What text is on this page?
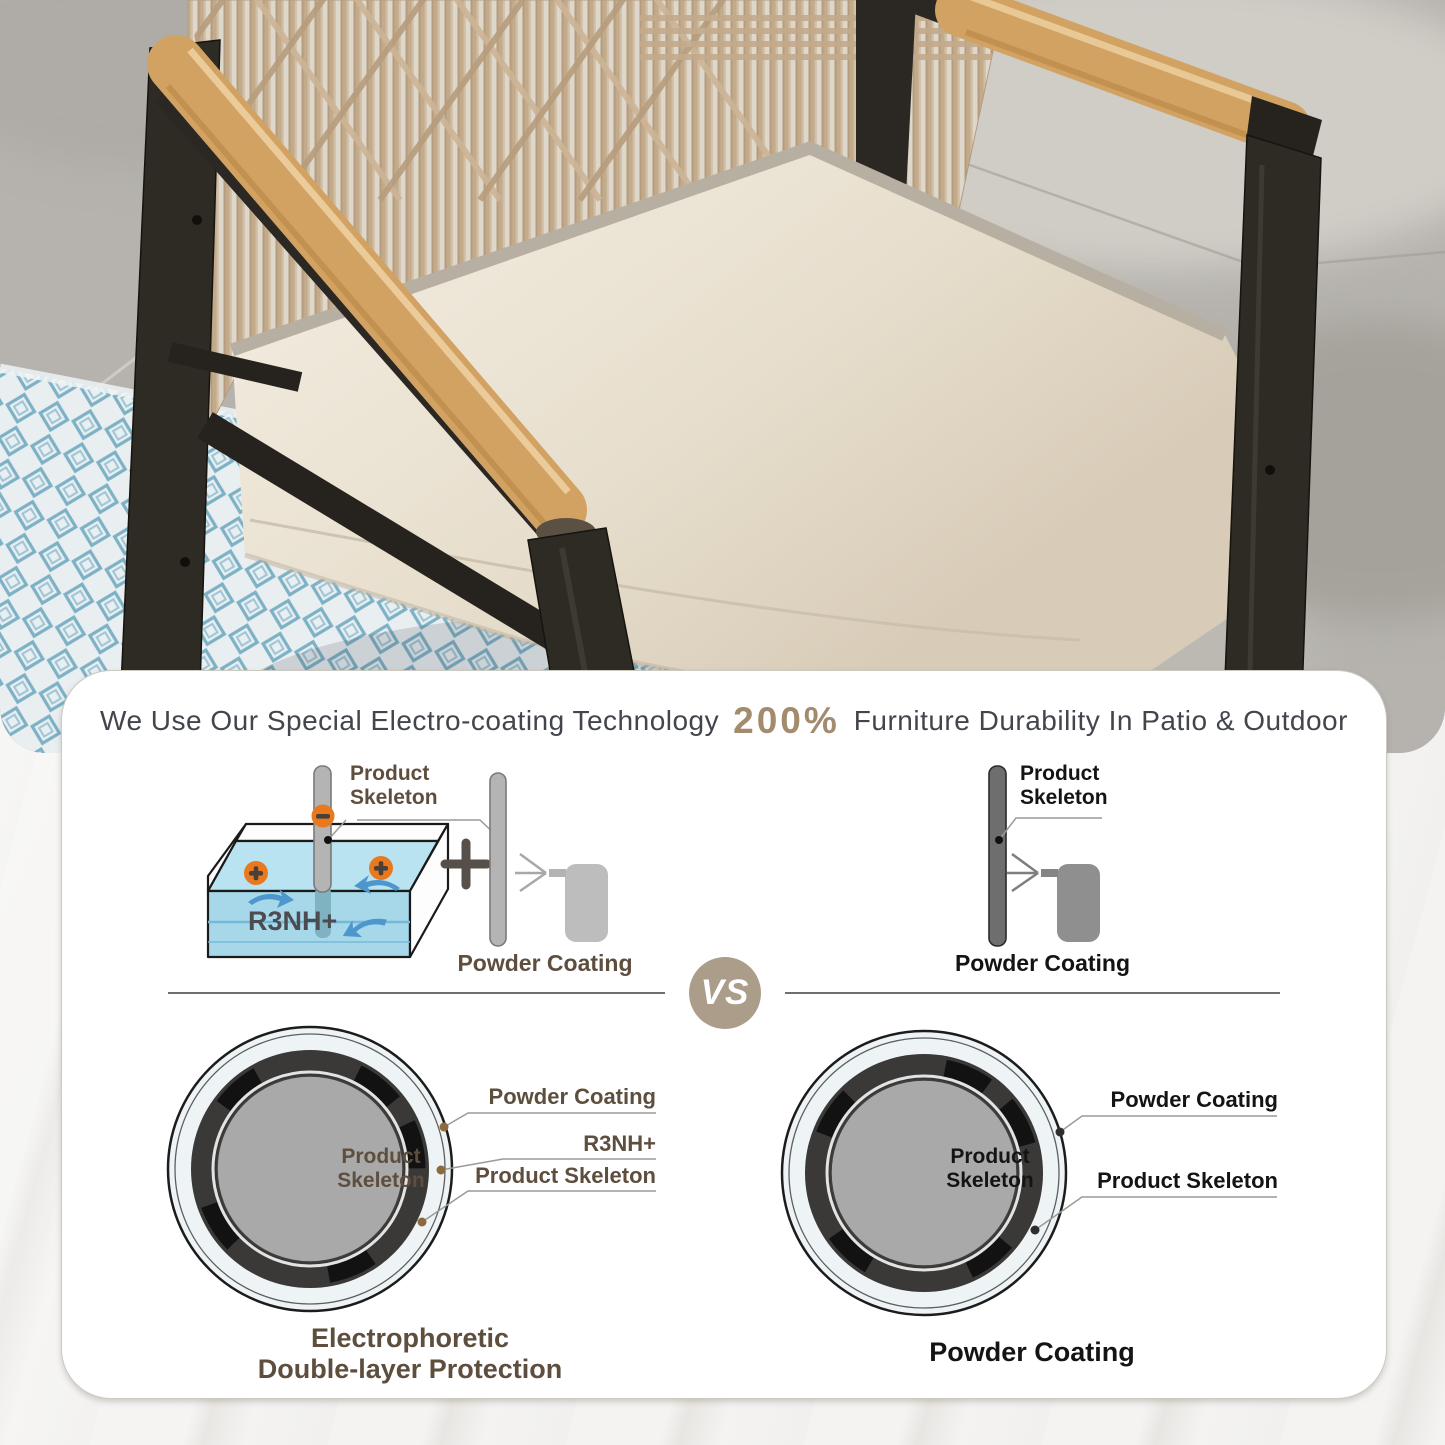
We Use Our Special Electro-coating Technology 200% Furniture Durability In Patio & Outdoor
Product Skeleton
R3NH+
Powder Coating
Product Skeleton
Powder Coating
VS
Powder Coating
R3NH+
Product Skeleton
Product Skeleton
Electrophoretic
Double-layer Protection
Powder Coating
Product Skeleton
Product Skeleton
Powder Coating
